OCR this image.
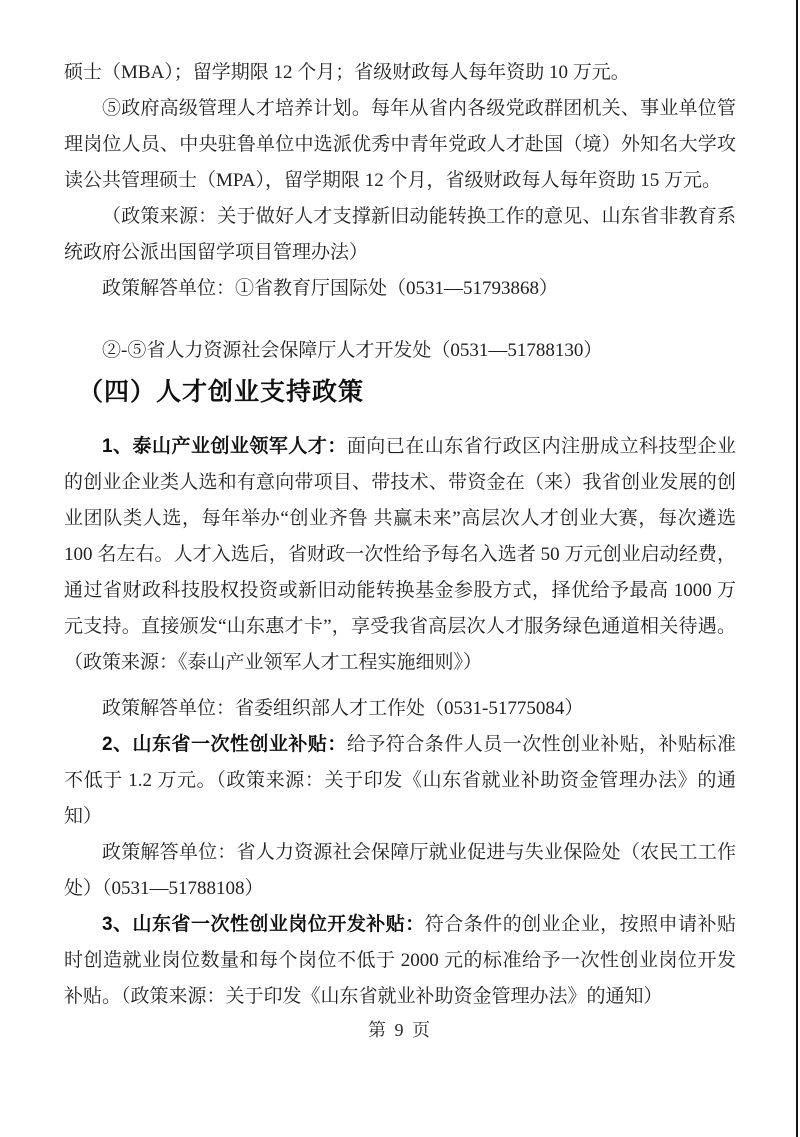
硕士（MBA）；留学期限 12 个月；省级财政每人每年资助 10 万元。

⑤政府高级管理人才培养计划。每年从省内各级党政群团机关、事业单位管理岗位人员、中央驻鲁单位中选派优秀中青年党政人才赴国（境）外知名大学攻读公共管理硕士（MPA），留学期限 12 个月，省级财政每人每年资助 15 万元。

（政策来源：关于做好人才支撑新旧动能转换工作的意见、山东省非教育系统政府公派出国留学项目管理办法）

政策解答单位：①省教育厅国际处（0531—51793868）

②-⑤省人力资源社会保障厅人才开发处（0531—51788130）

（四）人才创业支持政策

1、泰山产业创业领军人才：面向已在山东省行政区内注册成立科技型企业的创业企业类人选和有意向带项目、带技术、带资金在（来）我省创业发展的创业团队类人选，每年举办“创业齐鲁 共赢未来”高层次人才创业大赛，每次遴选 100 名左右。人才入选后，省财政一次性给予每名入选者 50 万元创业启动经费，通过省财政科技股权投资或新旧动能转换基金参股方式，择优给予最高 1000 万元支持。直接颁发“山东惠才卡”，享受我省高层次人才服务绿色通道相关待遇。（政策来源：《泰山产业领军人才工程实施细则》）

政策解答单位：省委组织部人才工作处（0531-51775084）

2、山东省一次性创业补贴：给予符合条件人员一次性创业补贴，补贴标准不低于 1.2 万元。（政策来源：关于印发《山东省就业补助资金管理办法》的通知）

政策解答单位：省人力资源社会保障厅就业促进与失业保险处（农民工工作处）（0531—51788108）

3、山东省一次性创业岗位开发补贴：符合条件的创业企业，按照申请补贴时创造就业岗位数量和每个岗位不低于 2000 元的标准给予一次性创业岗位开发补贴。（政策来源：关于印发《山东省就业补助资金管理办法》的通知）

第 9 页
